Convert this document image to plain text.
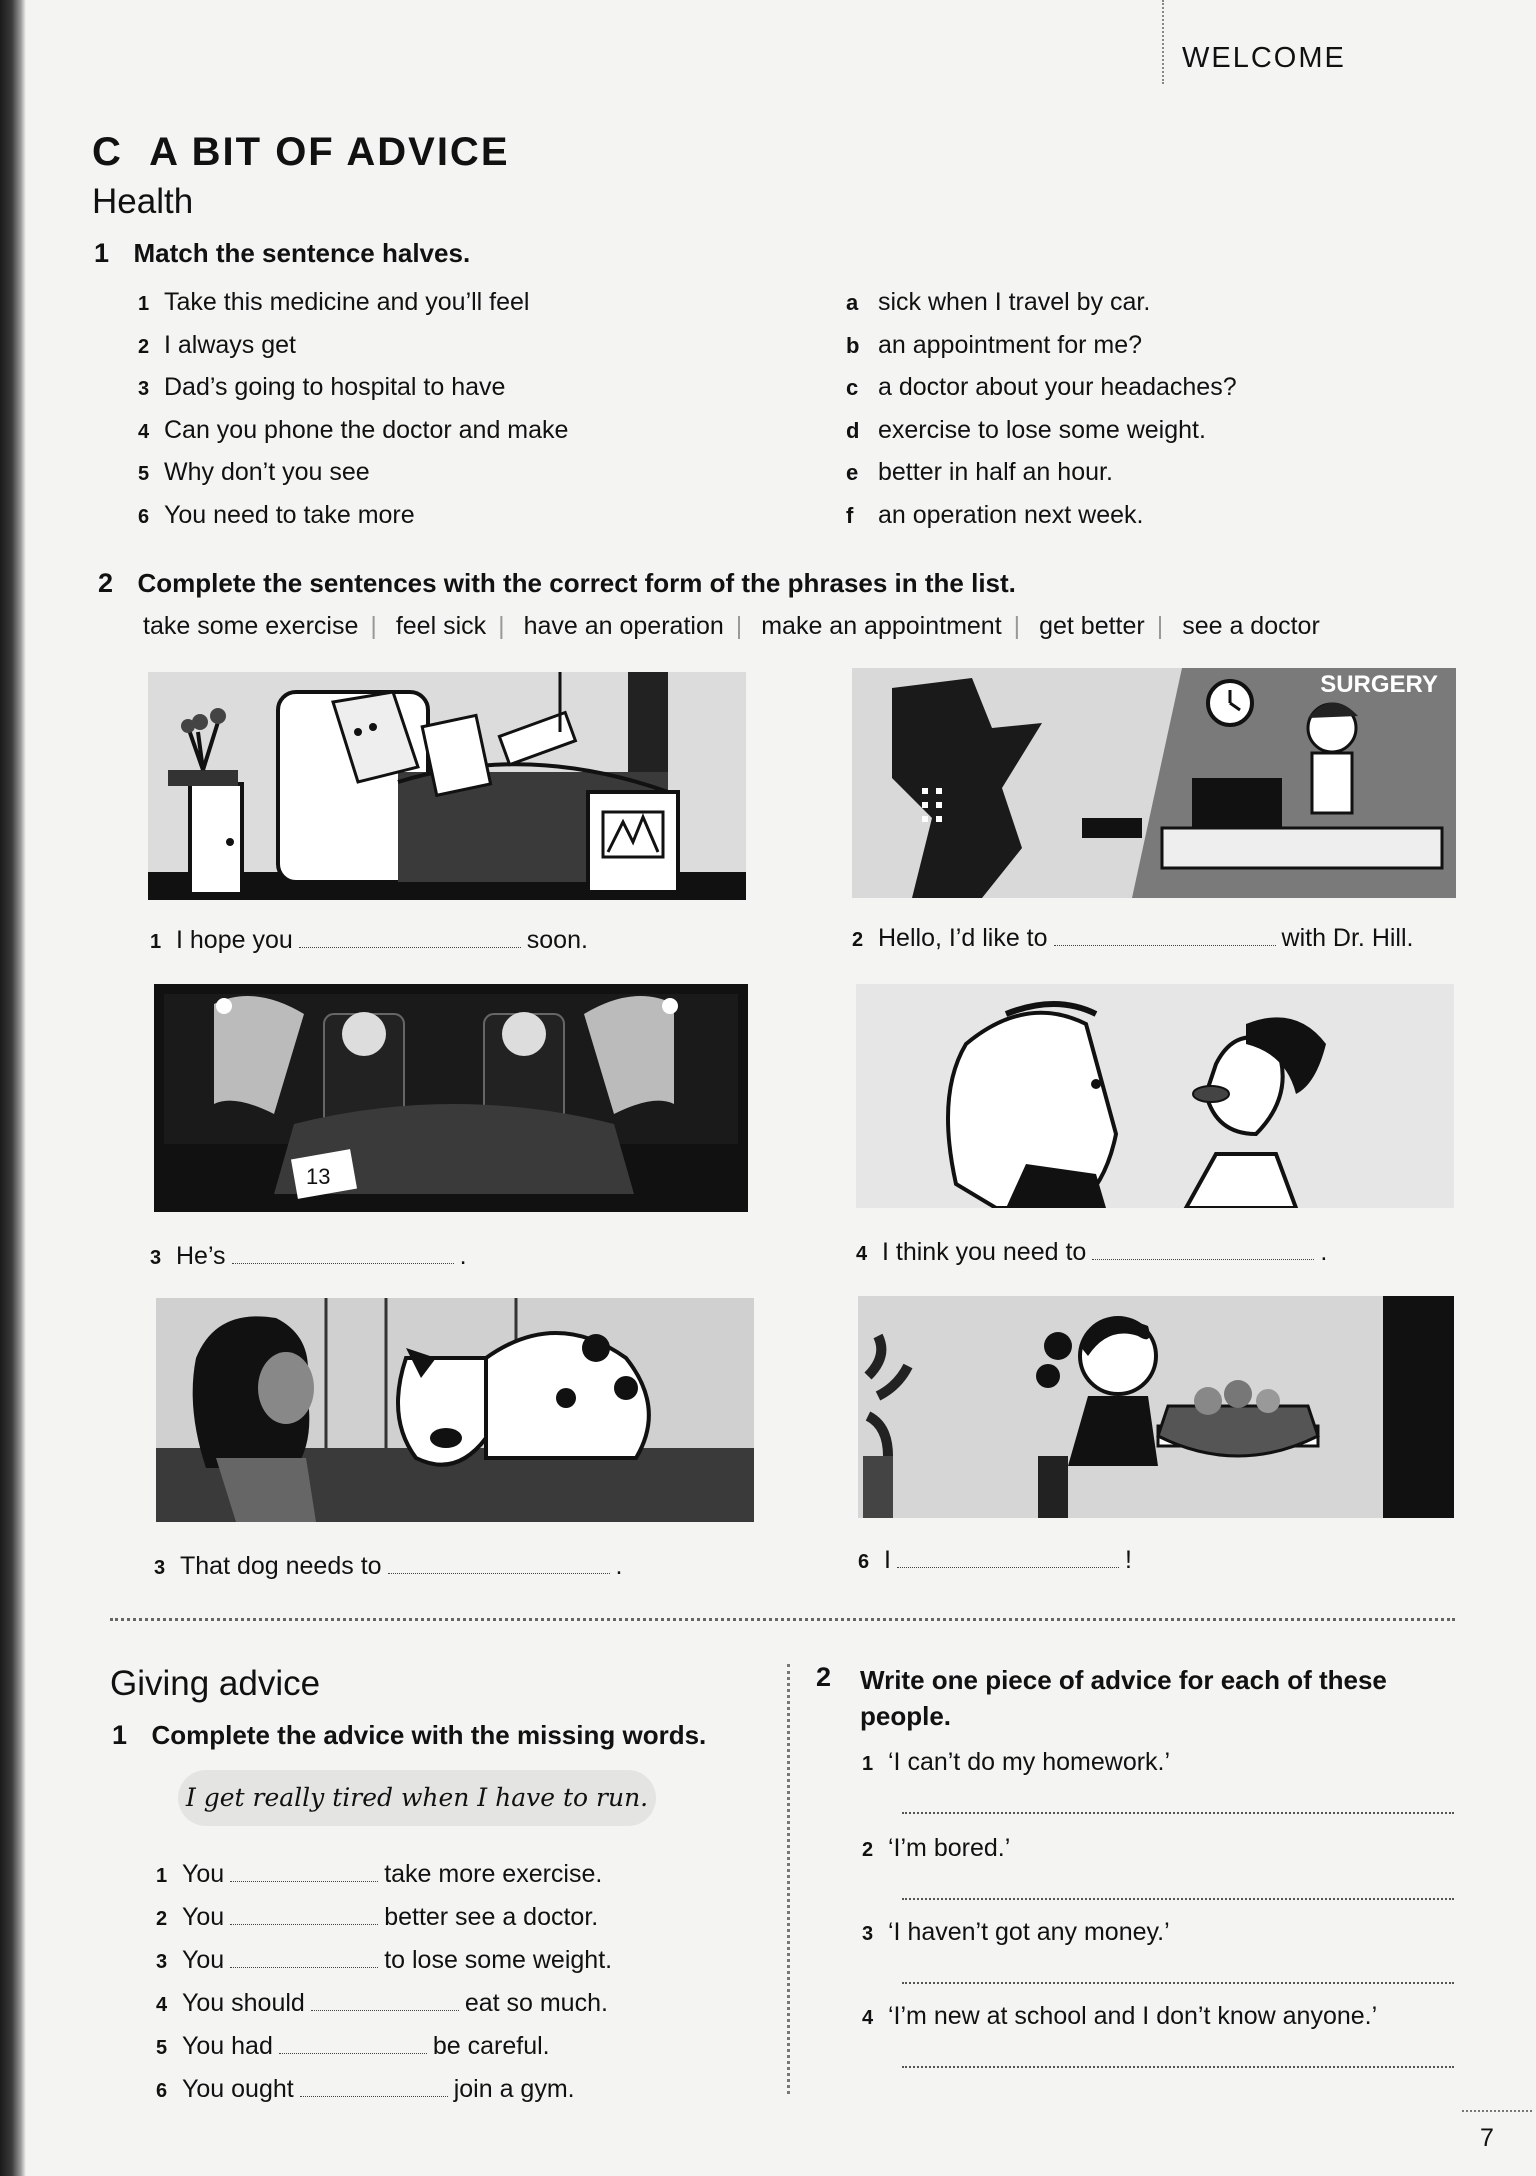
WELCOME
C A BIT OF ADVICE
Health
1 Match the sentence halves.
1 Take this medicine and you’ll feel
2 I always get
3 Dad’s going to hospital to have
4 Can you phone the doctor and make
5 Why don’t you see
6 You need to take more
a sick when I travel by car.
b an appointment for me?
c a doctor about your headaches?
d exercise to lose some weight.
e better in half an hour.
f an operation next week.
2 Complete the sentences with the correct form of the phrases in the list.
take some exercise | feel sick | have an operation | make an appointment | get better | see a doctor
SURGERY
1 I hope you	soon.	2 Hello, I’d like to	with Dr. Hill.
13
3 He’s	.	4 I think you need to	.
3 That dog needs to	.	6 I	!
Giving advice
1 Complete the advice with the missing words.
I get really tired when I have to run.
1 You	take more exercise.
2 You	better see a doctor.
3 You	to lose some weight.
4 You should	eat so much.
5 You had	be careful.
6 You ought	join a gym.
2 Write one piece of advice for each of these
people.
1 ‘I can’t do my homework.’
2 ‘I’m bored.’
3 ‘I haven’t got any money.’
4 ‘I’m new at school and I don’t know anyone.’
7
